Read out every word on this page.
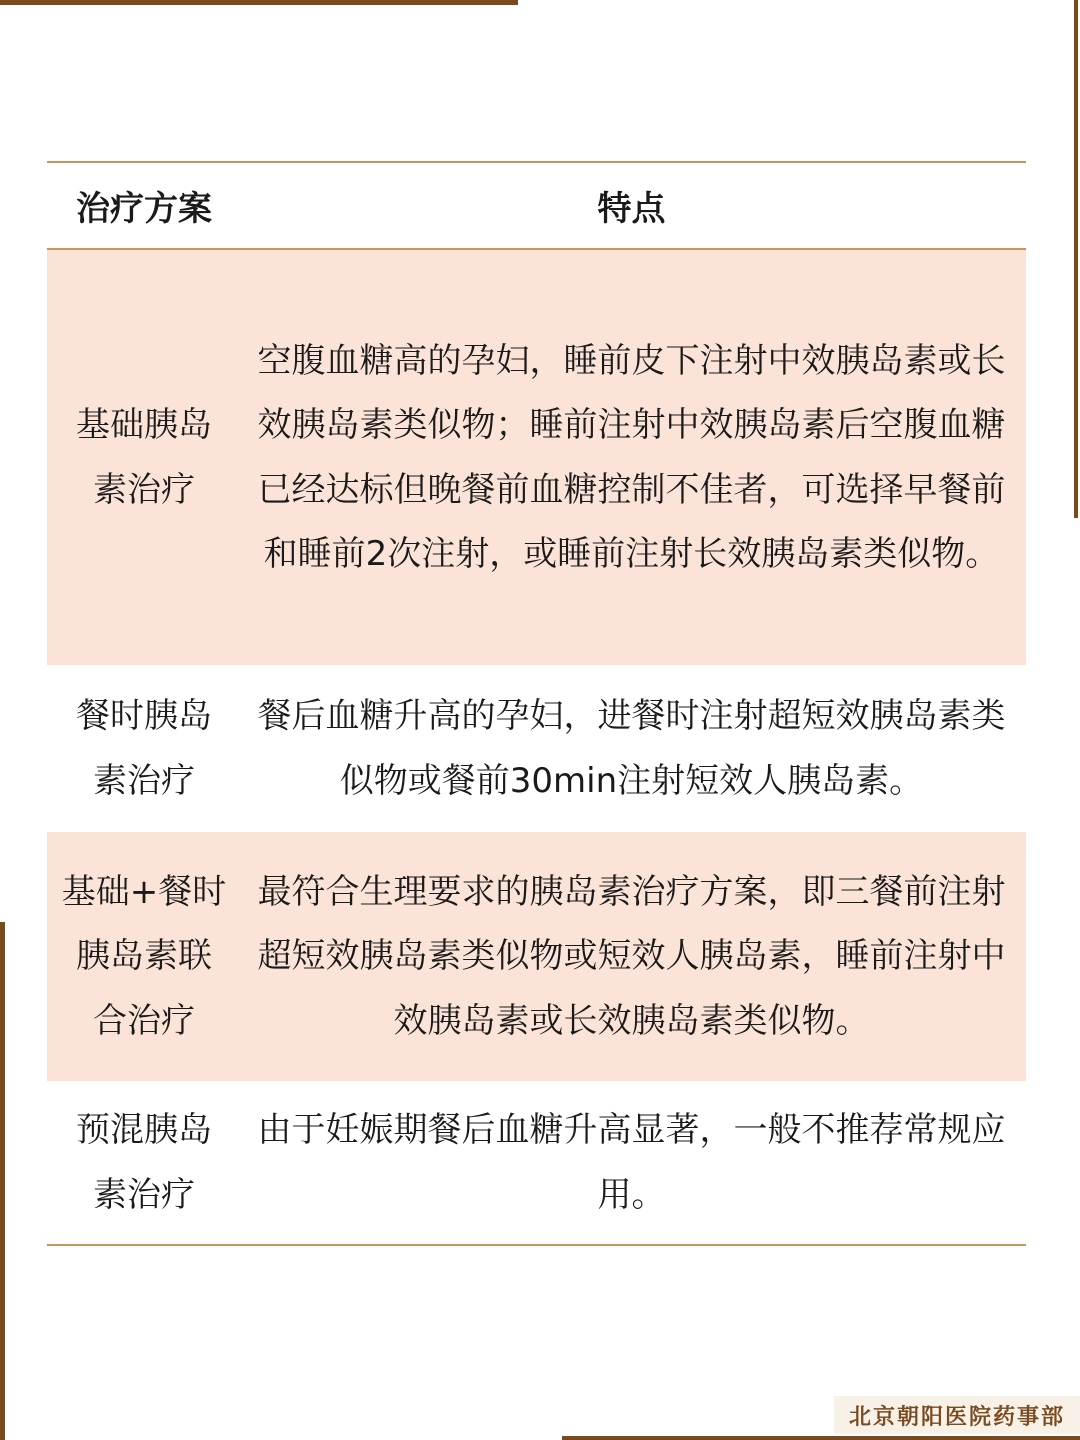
治疗方案	特点
基础胰岛素治疗
空腹血糖高的孕妇，睡前皮下注射中效胰岛素或长效胰岛素类似物；睡前注射中效胰岛素后空腹血糖已经达标但晚餐前血糖控制不佳者，可选择早餐前和睡前2次注射，或睡前注射长效胰岛素类似物。
餐时胰岛素治疗
餐后血糖升高的孕妇，进餐时注射超短效胰岛素类似物或餐前30min注射短效人胰岛素。
基础+餐时胰岛素联合治疗
最符合生理要求的胰岛素治疗方案，即三餐前注射超短效胰岛素类似物或短效人胰岛素，睡前注射中效胰岛素或长效胰岛素类似物。
预混胰岛素治疗
由于妊娠期餐后血糖升高显著，一般不推荐常规应用。
北京朝阳医院药事部
